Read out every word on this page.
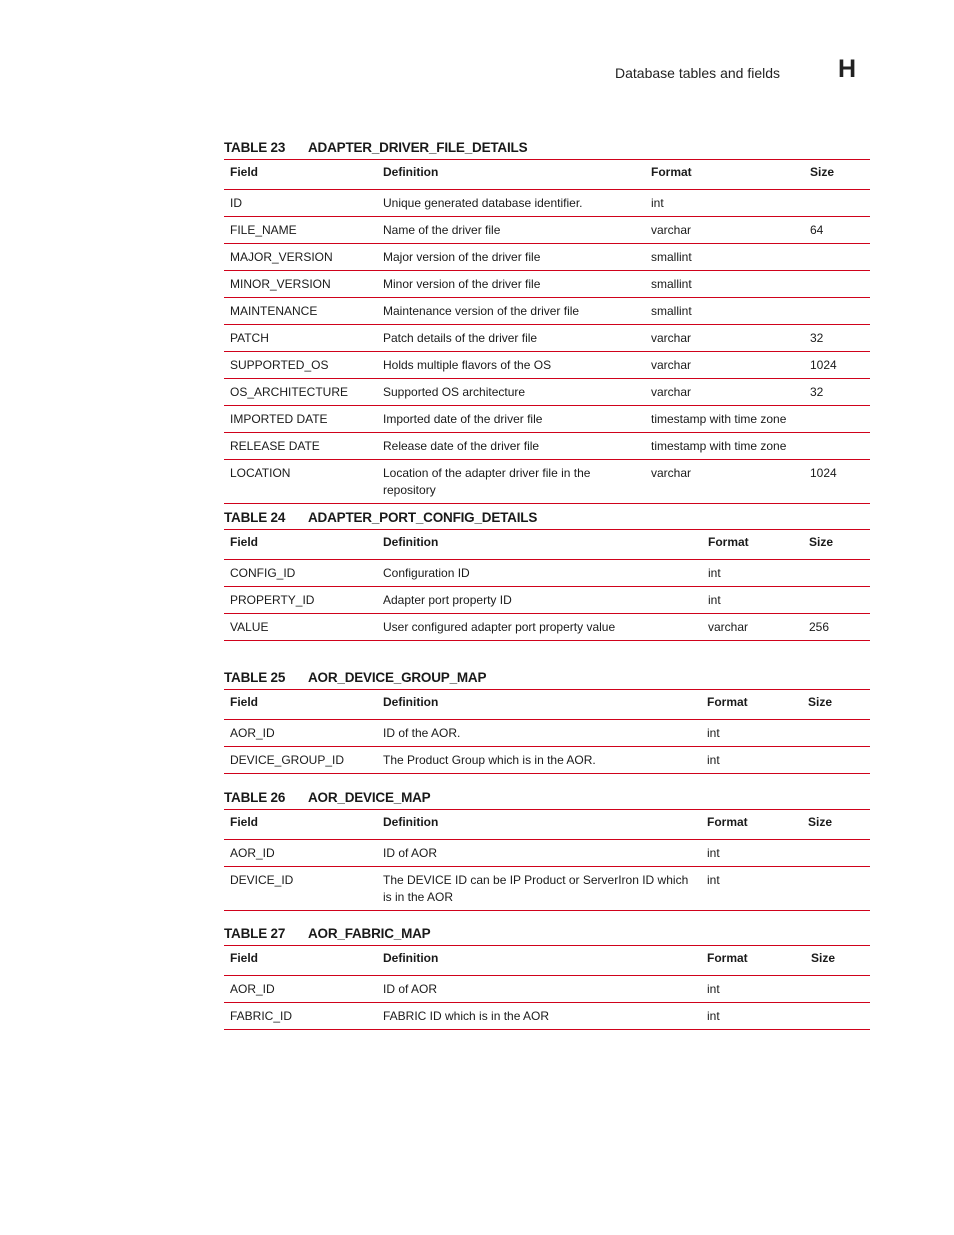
Database tables and fields H
TABLE 23 ADAPTER_DRIVER_FILE_DETAILS
Field	Definition	Format	Size
ID	Unique generated database identifier.	int	
FILE_NAME	Name of the driver file	varchar	64
MAJOR_VERSION	Major version of the driver file	smallint	
MINOR_VERSION	Minor version of the driver file	smallint	
MAINTENANCE	Maintenance version of the driver file	smallint	
PATCH	Patch details of the driver file	varchar	32
SUPPORTED_OS	Holds multiple flavors of the OS	varchar	1024
OS_ARCHITECTURE	Supported OS architecture	varchar	32
IMPORTED DATE	Imported date of the driver file	timestamp with time zone	
RELEASE DATE	Release date of the driver file	timestamp with time zone	
LOCATION	Location of the adapter driver file in the repository	varchar	1024
TABLE 24 ADAPTER_PORT_CONFIG_DETAILS
Field	Definition	Format	Size
CONFIG_ID	Configuration ID	int	
PROPERTY_ID	Adapter port property ID	int	
VALUE	User configured adapter port property value	varchar	256
TABLE 25 AOR_DEVICE_GROUP_MAP
Field	Definition	Format	Size
AOR_ID	ID of the AOR.	int	
DEVICE_GROUP_ID	The Product Group which is in the AOR.	int	
TABLE 26 AOR_DEVICE_MAP
Field	Definition	Format	Size
AOR_ID	ID of AOR	int	
DEVICE_ID	The DEVICE ID can be IP Product or ServerIron ID which is in the AOR	int	
TABLE 27 AOR_FABRIC_MAP
Field	Definition	Format	Size
AOR_ID	ID of AOR	int	
FABRIC_ID	FABRIC ID which is in the AOR	int	
